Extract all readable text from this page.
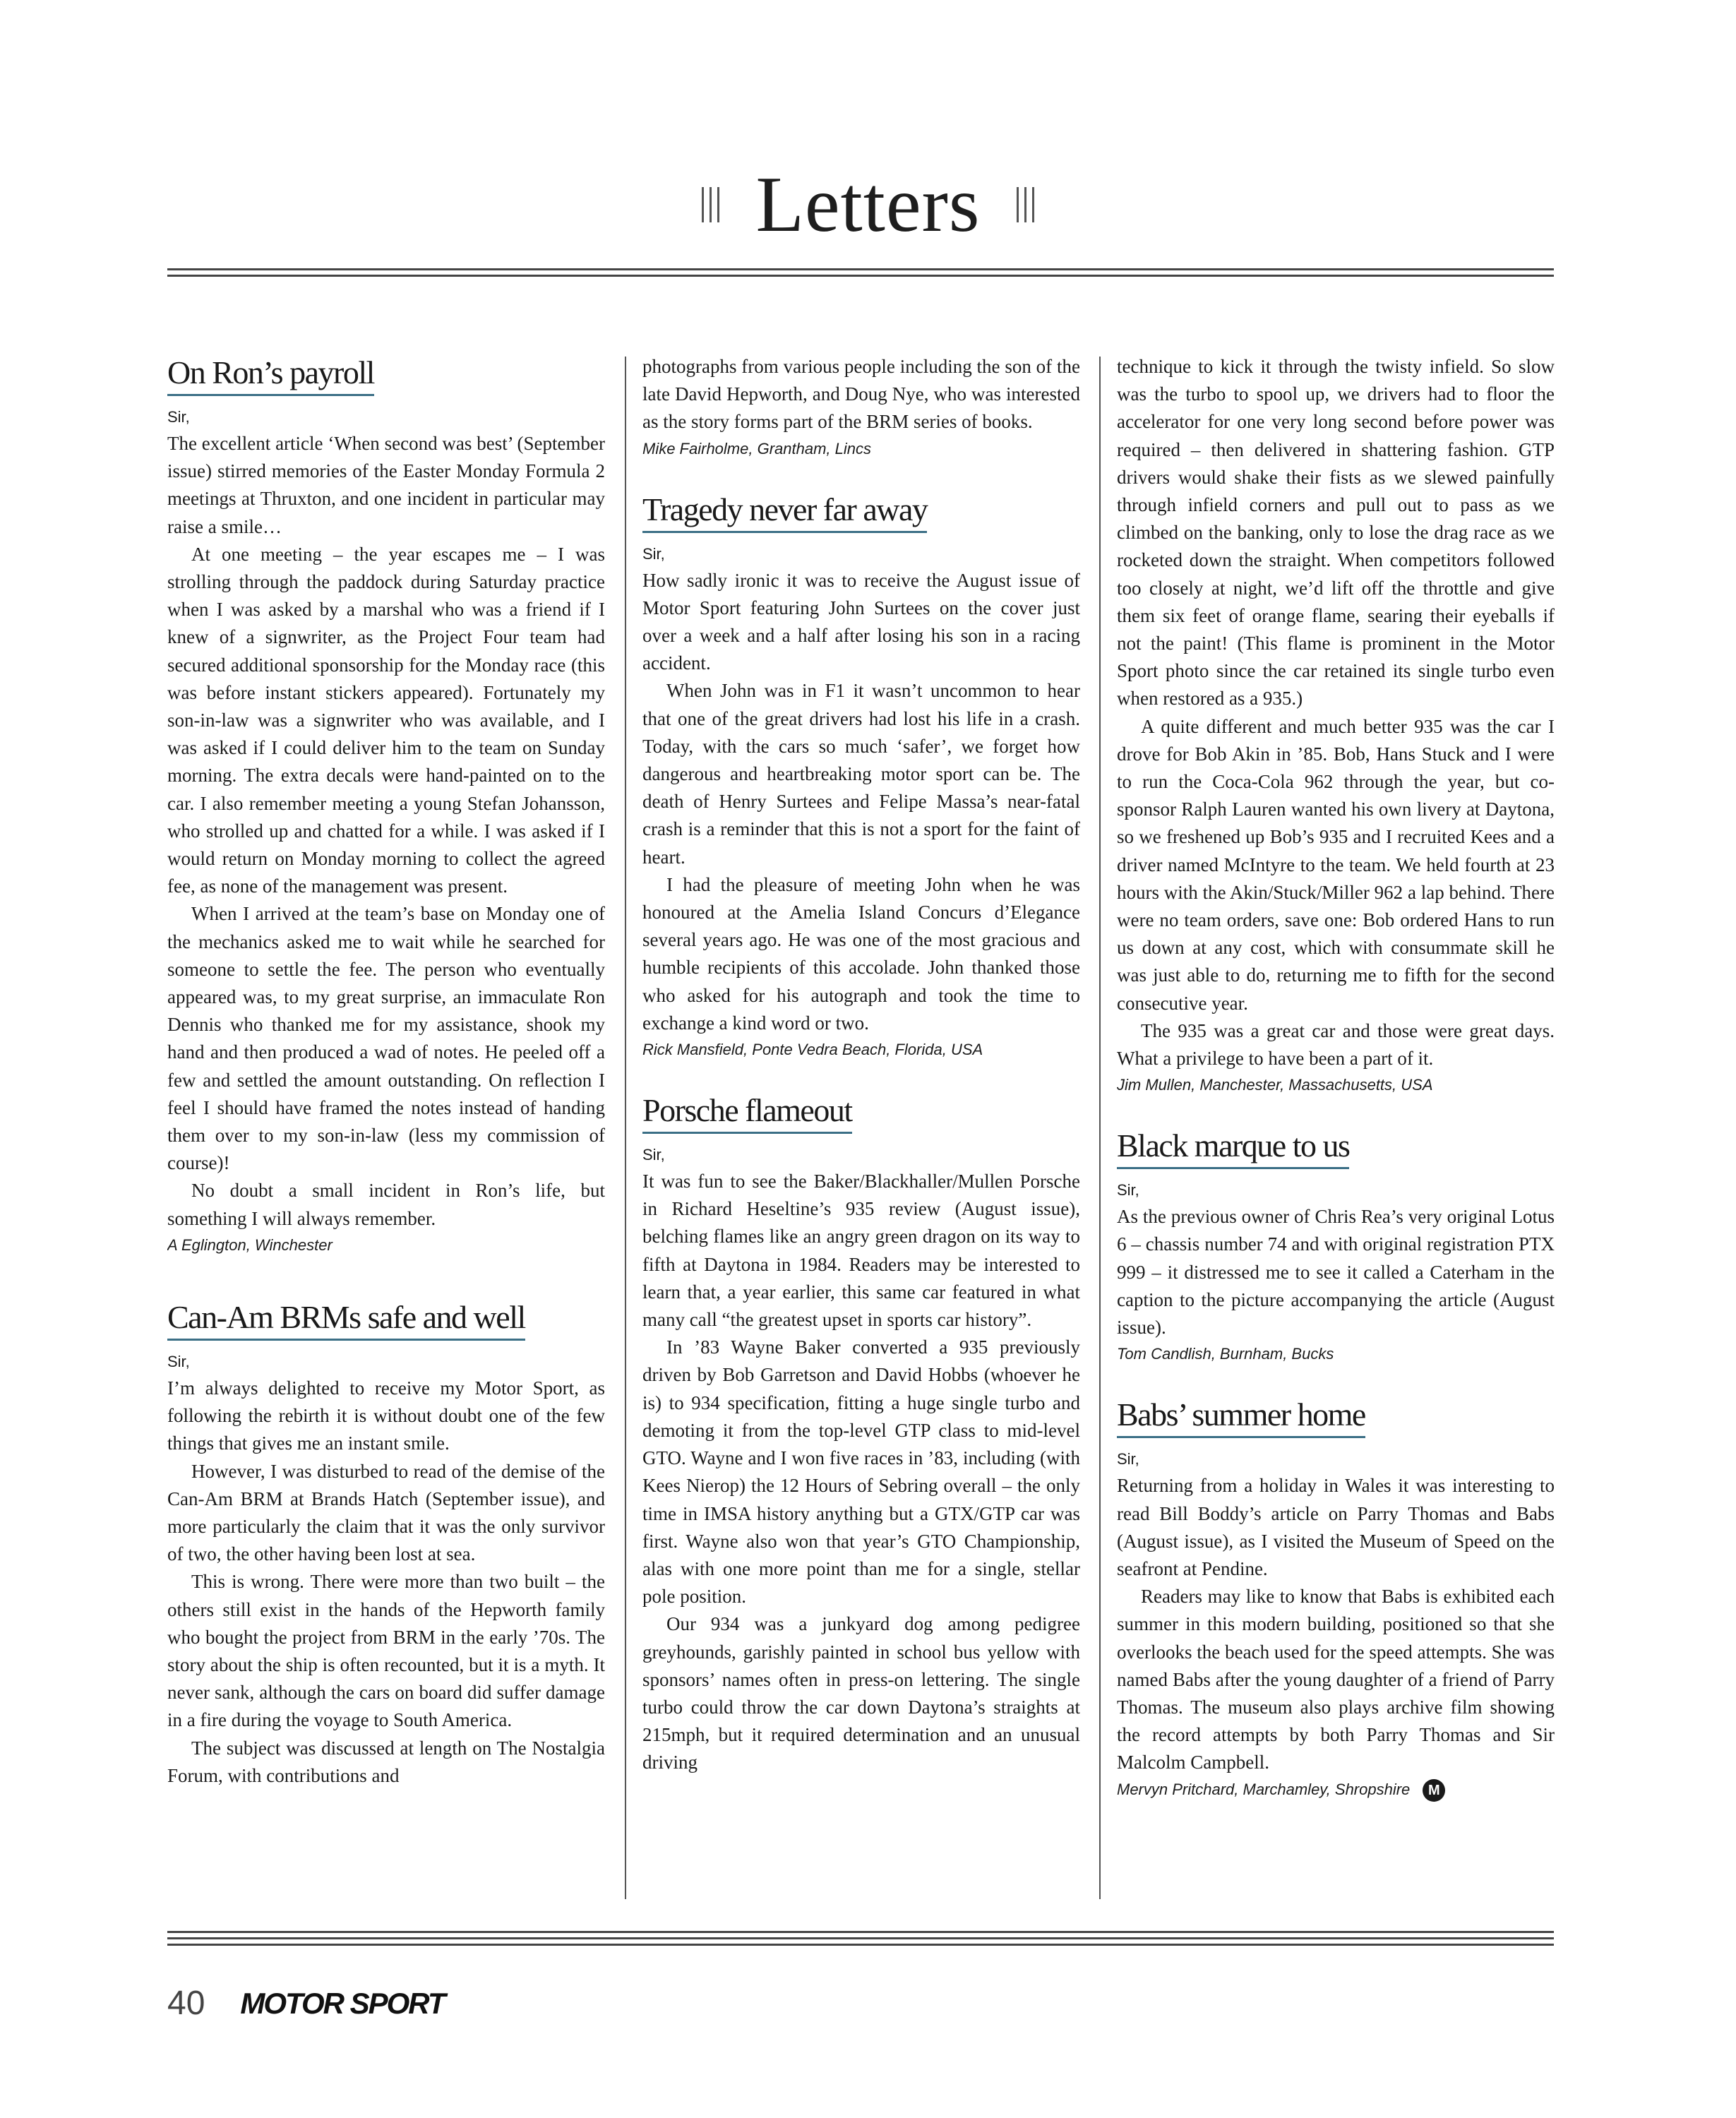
Letters
On Ron’s payroll
Sir,

The excellent article ‘When second was best’ (September issue) stirred memories of the Easter Monday Formula 2 meetings at Thruxton, and one incident in particular may raise a smile…

At one meeting – the year escapes me – I was strolling through the paddock during Saturday practice when I was asked by a marshal who was a friend if I knew of a signwriter, as the Project Four team had secured additional sponsorship for the Monday race (this was before instant stickers appeared). Fortunately my son-in-law was a signwriter who was available, and I was asked if I could deliver him to the team on Sunday morning. The extra decals were hand-painted on to the car. I also remember meeting a young Stefan Johansson, who strolled up and chatted for a while. I was asked if I would return on Monday morning to collect the agreed fee, as none of the management was present.

When I arrived at the team’s base on Monday one of the mechanics asked me to wait while he searched for someone to settle the fee. The person who eventually appeared was, to my great surprise, an immaculate Ron Dennis who thanked me for my assistance, shook my hand and then produced a wad of notes. He peeled off a few and settled the amount outstanding. On reflection I feel I should have framed the notes instead of handing them over to my son-in-law (less my commission of course)!

No doubt a small incident in Ron’s life, but something I will always remember.

A Eglington, Winchester

Can-Am BRMs safe and well
Sir,

I’m always delighted to receive my Motor Sport, as following the rebirth it is without doubt one of the few things that gives me an instant smile.

However, I was disturbed to read of the demise of the Can-Am BRM at Brands Hatch (September issue), and more particularly the claim that it was the only survivor of two, the other having been lost at sea.

This is wrong. There were more than two built – the others still exist in the hands of the Hepworth family who bought the project from BRM in the early ’70s. The story about the ship is often recounted, but it is a myth. It never sank, although the cars on board did suffer damage in a fire during the voyage to South America.

The subject was discussed at length on The Nostalgia Forum, with contributions and

photographs from various people including the son of the late David Hepworth, and Doug Nye, who was interested as the story forms part of the BRM series of books.

Mike Fairholme, Grantham, Lincs

Tragedy never far away
Sir,

How sadly ironic it was to receive the August issue of Motor Sport featuring John Surtees on the cover just over a week and a half after losing his son in a racing accident.

When John was in F1 it wasn’t uncommon to hear that one of the great drivers had lost his life in a crash. Today, with the cars so much ‘safer’, we forget how dangerous and heartbreaking motor sport can be. The death of Henry Surtees and Felipe Massa’s near-fatal crash is a reminder that this is not a sport for the faint of heart.

I had the pleasure of meeting John when he was honoured at the Amelia Island Concurs d’Elegance several years ago. He was one of the most gracious and humble recipients of this accolade. John thanked those who asked for his autograph and took the time to exchange a kind word or two.

Rick Mansfield, Ponte Vedra Beach, Florida, USA

Porsche flameout
Sir,

It was fun to see the Baker/Blackhaller/Mullen Porsche in Richard Heseltine’s 935 review (August issue), belching flames like an angry green dragon on its way to fifth at Daytona in 1984. Readers may be interested to learn that, a year earlier, this same car featured in what many call “the greatest upset in sports car history”.

In ’83 Wayne Baker converted a 935 previously driven by Bob Garretson and David Hobbs (whoever he is) to 934 specification, fitting a huge single turbo and demoting it from the top-level GTP class to mid-level GTO. Wayne and I won five races in ’83, including (with Kees Nierop) the 12 Hours of Sebring overall – the only time in IMSA history anything but a GTX/GTP car was first. Wayne also won that year’s GTO Championship, alas with one more point than me for a single, stellar pole position.

Our 934 was a junkyard dog among pedigree greyhounds, garishly painted in school bus yellow with sponsors’ names often in press-on lettering. The single turbo could throw the car down Daytona’s straights at 215mph, but it required determination and an unusual driving

technique to kick it through the twisty infield. So slow was the turbo to spool up, we drivers had to floor the accelerator for one very long second before power was required – then delivered in shattering fashion. GTP drivers would shake their fists as we slewed painfully through infield corners and pull out to pass as we climbed on the banking, only to lose the drag race as we rocketed down the straight. When competitors followed too closely at night, we’d lift off the throttle and give them six feet of orange flame, searing their eyeballs if not the paint! (This flame is prominent in the Motor Sport photo since the car retained its single turbo even when restored as a 935.)

A quite different and much better 935 was the car I drove for Bob Akin in ’85. Bob, Hans Stuck and I were to run the Coca-Cola 962 through the year, but co-sponsor Ralph Lauren wanted his own livery at Daytona, so we freshened up Bob’s 935 and I recruited Kees and a driver named McIntyre to the team. We held fourth at 23 hours with the Akin/Stuck/Miller 962 a lap behind. There were no team orders, save one: Bob ordered Hans to run us down at any cost, which with consummate skill he was just able to do, returning me to fifth for the second consecutive year.

The 935 was a great car and those were great days. What a privilege to have been a part of it.

Jim Mullen, Manchester, Massachusetts, USA

Black marque to us
Sir,

As the previous owner of Chris Rea’s very original Lotus 6 – chassis number 74 and with original registration PTX 999 – it distressed me to see it called a Caterham in the caption to the picture accompanying the article (August issue).

Tom Candlish, Burnham, Bucks

Babs’ summer home
Sir,

Returning from a holiday in Wales it was interesting to read Bill Boddy’s article on Parry Thomas and Babs (August issue), as I visited the Museum of Speed on the seafront at Pendine.

Readers may like to know that Babs is exhibited each summer in this modern building, positioned so that she overlooks the beach used for the speed attempts. She was named Babs after the young daughter of a friend of Parry Thomas. The museum also plays archive film showing the record attempts by both Parry Thomas and Sir Malcolm Campbell.

Mervyn Pritchard, Marchamley, Shropshire M

40 MOTOR SPORT
